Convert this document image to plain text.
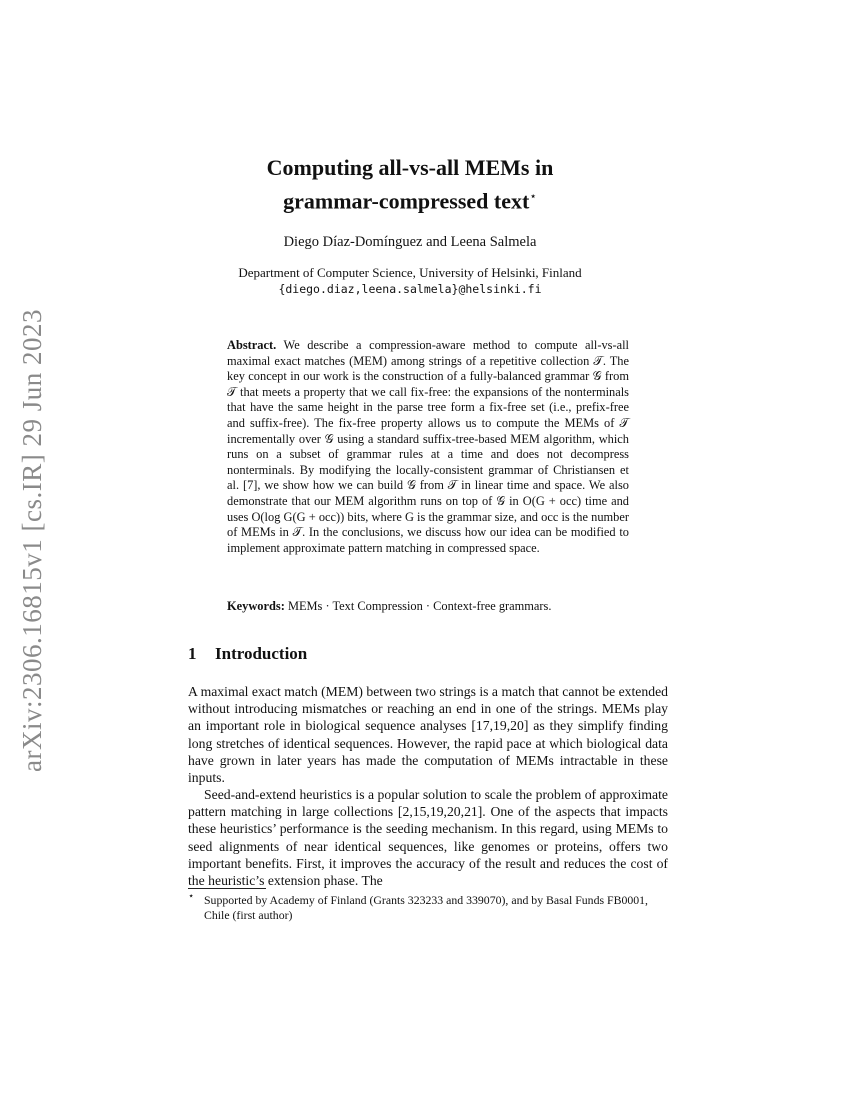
arXiv:2306.16815v1 [cs.IR] 29 Jun 2023
Computing all-vs-all MEMs in
grammar-compressed text⋆
Diego Díaz-Domínguez and Leena Salmela
Department of Computer Science, University of Helsinki, Finland
{diego.diaz,leena.salmela}@helsinki.fi

Abstract. We describe a compression-aware method to compute all-vs-all maximal exact matches (MEM) among strings of a repetitive collection 𝒯. The key concept in our work is the construction of a fully-balanced grammar 𝒢 from 𝒯 that meets a property that we call fix-free: the expansions of the nonterminals that have the same height in the parse tree form a fix-free set (i.e., prefix-free and suffix-free). The fix-free property allows us to compute the MEMs of 𝒯 incrementally over 𝒢 using a standard suffix-tree-based MEM algorithm, which runs on a subset of grammar rules at a time and does not decompress nonterminals. By modifying the locally-consistent grammar of Christiansen et al. [7], we show how we can build 𝒢 from 𝒯 in linear time and space. We also demonstrate that our MEM algorithm runs on top of 𝒢 in O(G + occ) time and uses O(log G(G + occ)) bits, where G is the grammar size, and occ is the number of MEMs in 𝒯. In the conclusions, we discuss how our idea can be modified to implement approximate pattern matching in compressed space.

Keywords: MEMs · Text Compression · Context-free grammars.

1 Introduction

A maximal exact match (MEM) between two strings is a match that cannot be extended without introducing mismatches or reaching an end in one of the strings. MEMs play an important role in biological sequence analyses [17,19,20] as they simplify finding long stretches of identical sequences. However, the rapid pace at which biological data have grown in later years has made the computation of MEMs intractable in these inputs.

Seed-and-extend heuristics is a popular solution to scale the problem of approximate pattern matching in large collections [2,15,19,20,21]. One of the aspects that impacts these heuristics’ performance is the seeding mechanism. In this regard, using MEMs to seed alignments of near identical sequences, like genomes or proteins, offers two important benefits. First, it improves the accuracy of the result and reduces the cost of the heuristic’s extension phase. The

⋆ Supported by Academy of Finland (Grants 323233 and 339070), and by Basal Funds FB0001, Chile (first author)
